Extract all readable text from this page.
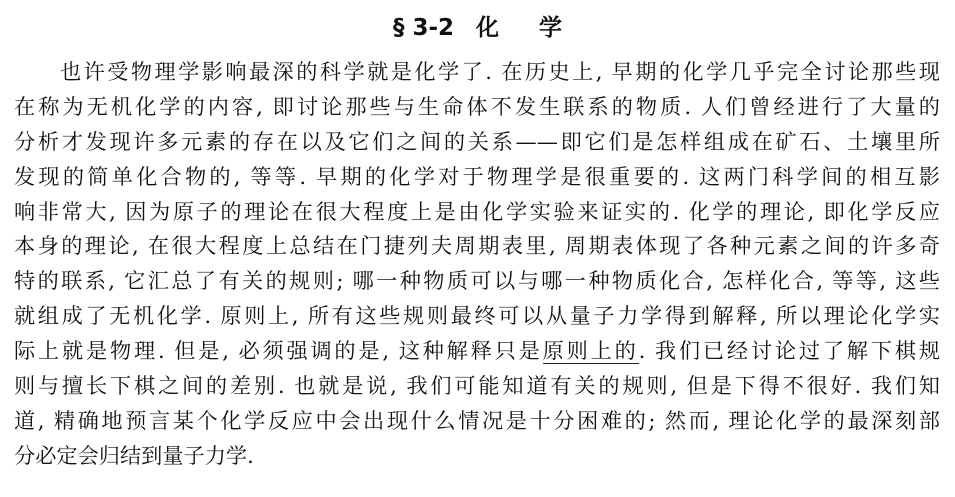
§ 3-2 化学
也许受物理学影响最深的科学就是化学了. 在历史上, 早期的化学几乎完全讨论那些现
在称为无机化学的内容, 即讨论那些与生命体不发生联系的物质. 人们曾经进行了大量的
分析才发现许多元素的存在以及它们之间的关系——即它们是怎样组成在矿石、土壤里所
发现的简单化合物的, 等等. 早期的化学对于物理学是很重要的. 这两门科学间的相互影
响非常大, 因为原子的理论在很大程度上是由化学实验来证实的. 化学的理论, 即化学反应
本身的理论, 在很大程度上总结在门捷列夫周期表里, 周期表体现了各种元素之间的许多奇
特的联系, 它汇总了有关的规则; 哪一种物质可以与哪一种物质化合, 怎样化合, 等等, 这些
就组成了无机化学. 原则上, 所有这些规则最终可以从量子力学得到解释, 所以理论化学实
际上就是物理. 但是, 必须强调的是, 这种解释只是原则上的. 我们已经讨论过了解下棋规
则与擅长下棋之间的差别. 也就是说, 我们可能知道有关的规则, 但是下得不很好. 我们知
道, 精确地预言某个化学反应中会出现什么情况是十分困难的; 然而, 理论化学的最深刻部
分必定会归结到量子力学.
